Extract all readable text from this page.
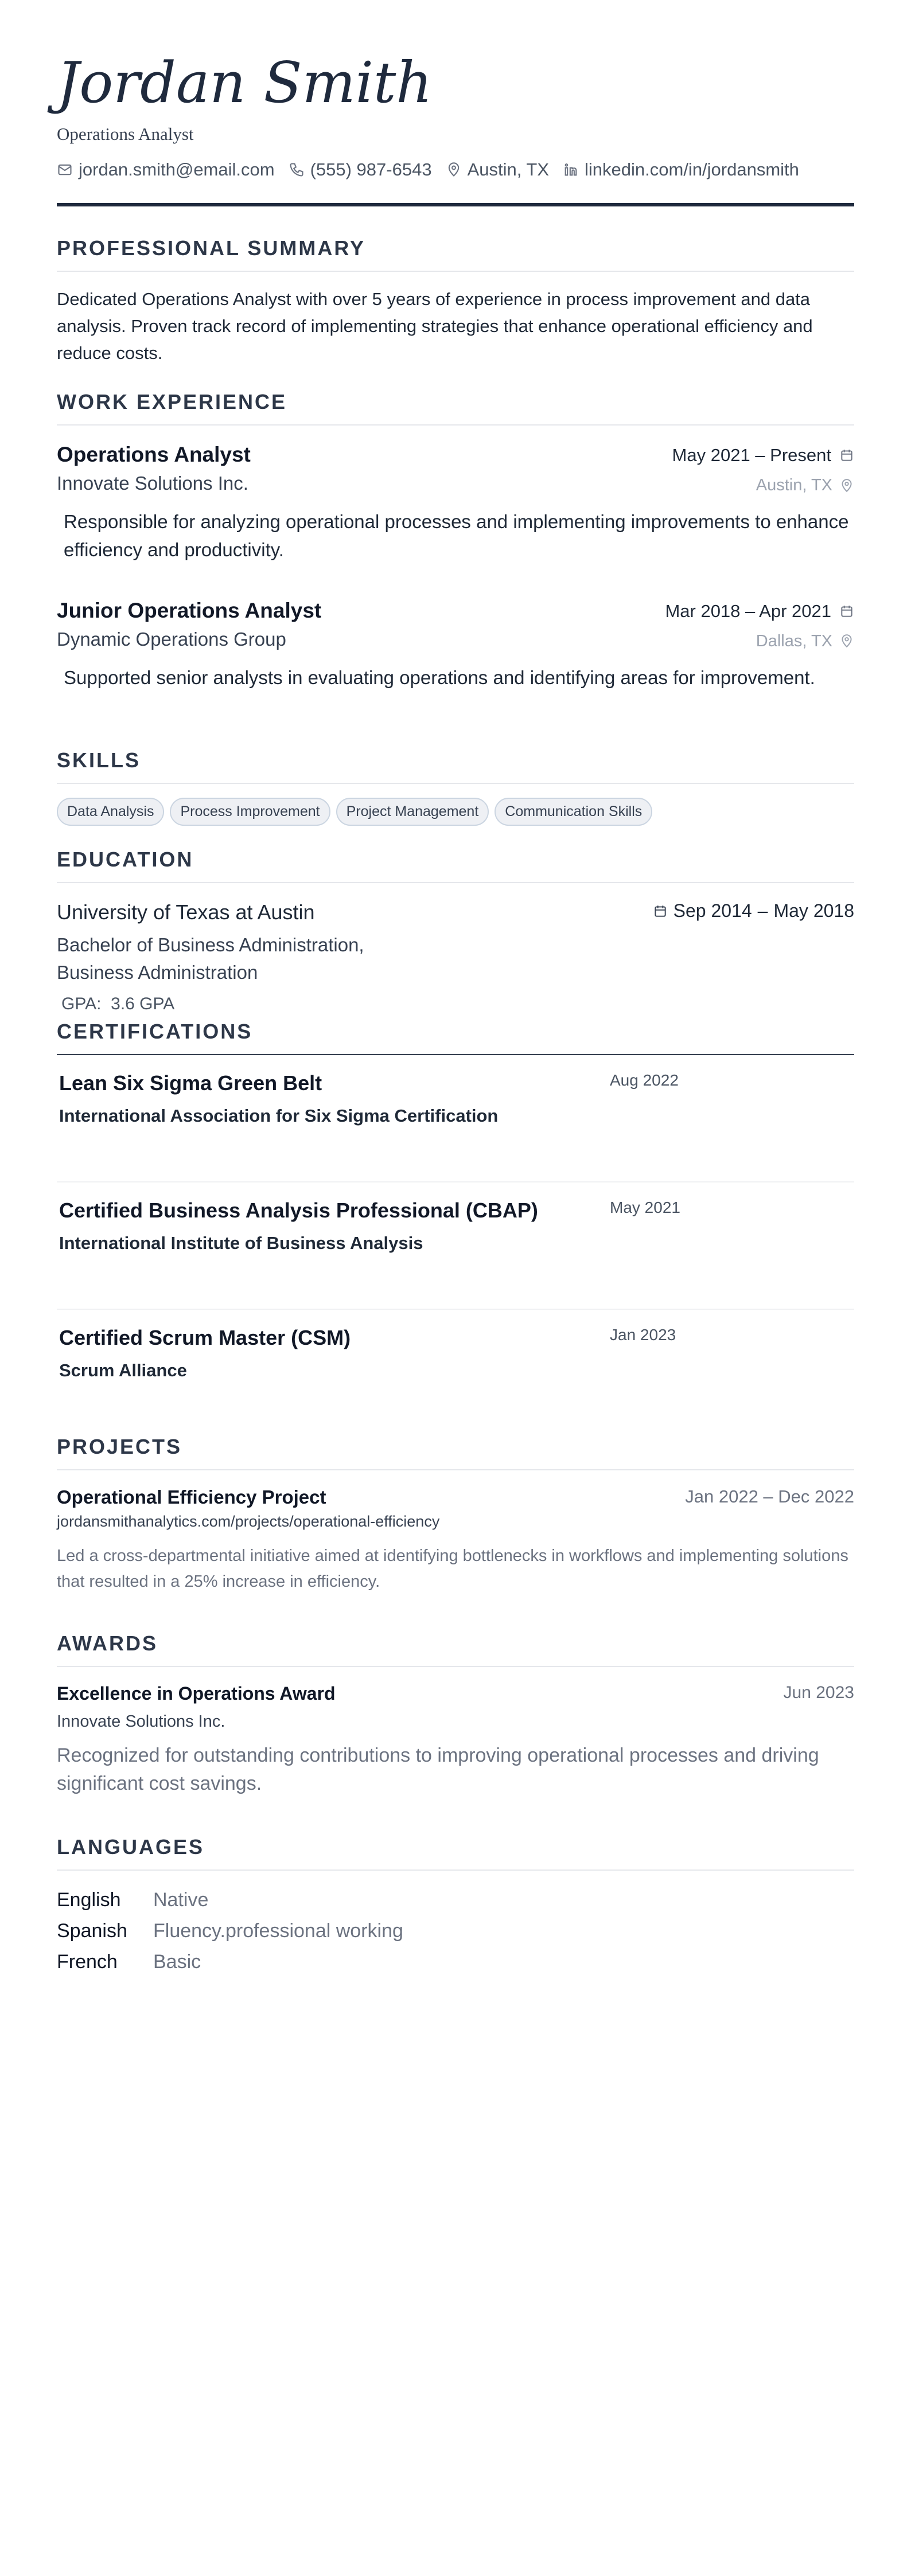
Jordan Smith
Operations Analyst
jordan.smith@email.com (555) 987-6543 Austin, TX linkedin.com/in/jordansmith
PROFESSIONAL SUMMARY
Dedicated Operations Analyst with over 5 years of experience in process improvement and data analysis. Proven track record of implementing strategies that enhance operational efficiency and reduce costs.
WORK EXPERIENCE
Operations Analyst
Innovate Solutions Inc.
May 2021 – Present
Austin, TX
Responsible for analyzing operational processes and implementing improvements to enhance efficiency and productivity.
Junior Operations Analyst
Dynamic Operations Group
Mar 2018 – Apr 2021
Dallas, TX
Supported senior analysts in evaluating operations and identifying areas for improvement.
SKILLS
Data Analysis	Process Improvement	Project Management	Communication Skills
EDUCATION
University of Texas at Austin
Bachelor of Business Administration, Business Administration
GPA: 3.6 GPA
Sep 2014 – May 2018
CERTIFICATIONS
Lean Six Sigma Green Belt
International Association for Six Sigma Certification
Aug 2022
Certified Business Analysis Professional (CBAP)
International Institute of Business Analysis
May 2021
Certified Scrum Master (CSM)
Scrum Alliance
Jan 2023
PROJECTS
Operational Efficiency Project
jordansmithanalytics.com/projects/operational-efficiency
Jan 2022 – Dec 2022
Led a cross-departmental initiative aimed at identifying bottlenecks in workflows and implementing solutions that resulted in a 25% increase in efficiency.
AWARDS
Excellence in Operations Award
Innovate Solutions Inc.
Jun 2023
Recognized for outstanding contributions to improving operational processes and driving significant cost savings.
LANGUAGES
English	Native
Spanish	Fluency.professional working
French	Basic
